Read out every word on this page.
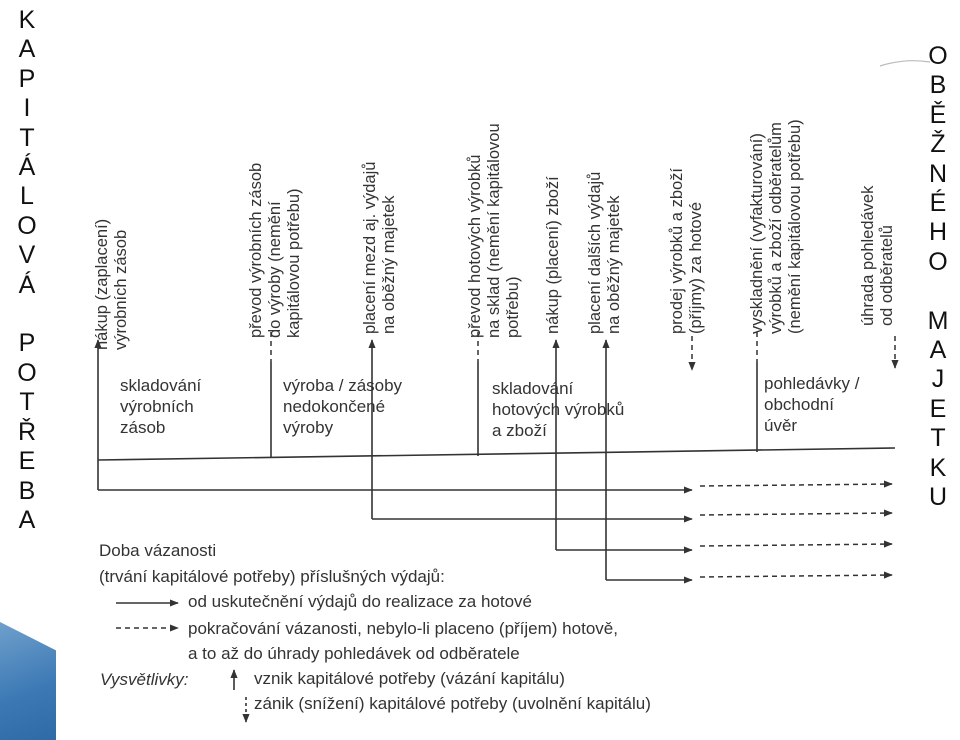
K
A
P
I
T
Á
L
O
V
Á

P
O
T
Ř
E
B
A
O
B
Ě
Ž
N
É
H
O

M
A
J
E
T
K
U
nákup (zaplacení) výrobních zásob	převod výrobních zásob do výroby (nemění kapitálovou potřebu)	placení mezd aj. výdajů na oběžný majetek	převod hotových výrobků na sklad (nemění kapitálovou potřebu) nákup (placení) zboží placení dalších výdajů na oběžný majetek	prodej výrobků a zboží (příjmy) za hotové	vyskladnění (vyfakturování) výrobků a zboží odběratelům (nemění kapitálovou potřebu)	úhrada pohledávek od odběratelů
skladování
výrobních
zásob
výroba / zásoby
nedokončené
výroby
skladování
hotových výrobků
a zboží
pohledávky /
obchodní
úvěr
Doba vázanosti
(trvání kapitálové potřeby) příslušných výdajů:
od uskutečnění výdajů do realizace za hotové
pokračování vázanosti, nebylo-li placeno (příjem) hotově,
a to až do úhrady pohledávek od odběratele
Vysvětlivky:	vznik kapitálové potřeby (vázání kapitálu)
zánik (snížení) kapitálové potřeby (uvolnění kapitálu)
